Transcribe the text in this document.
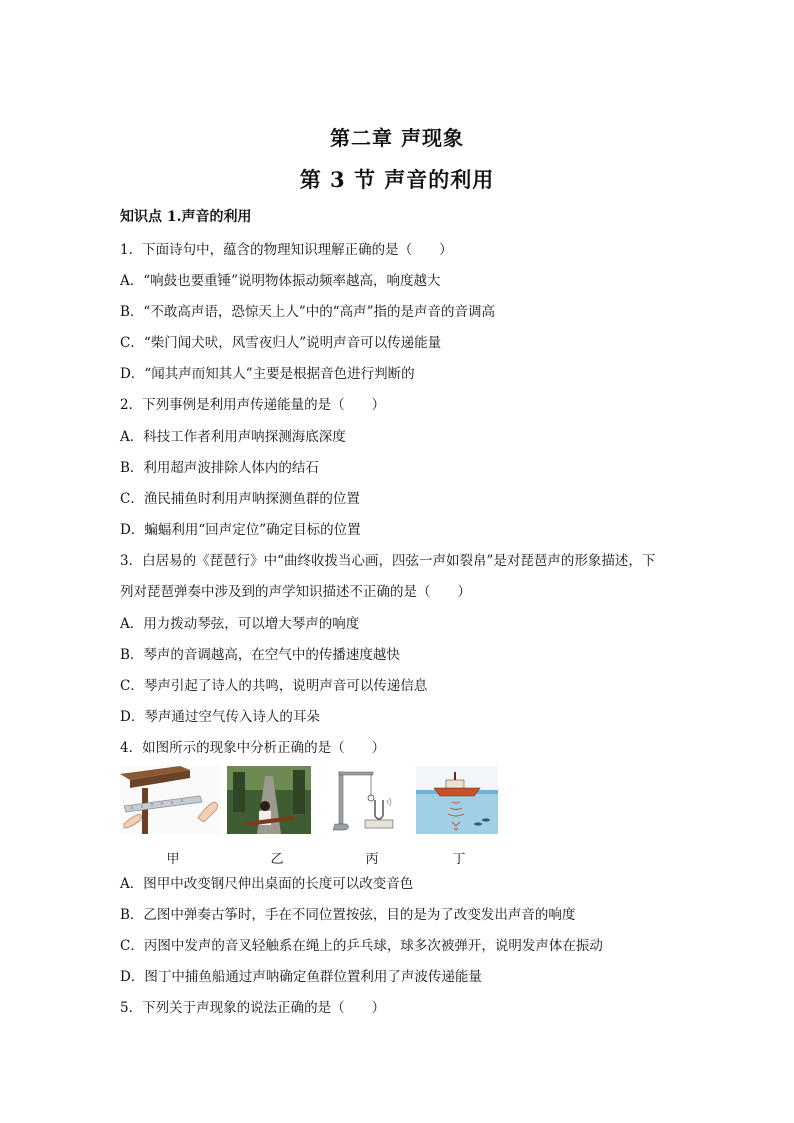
第二章 声现象
第 3 节 声音的利用
知识点 1.声音的利用
1．下面诗句中，蕴含的物理知识理解正确的是（　　）
A．“响鼓也要重锤”说明物体振动频率越高，响度越大
B．“不敢高声语，恐惊天上人”中的“高声”指的是声音的音调高
C．“柴门闻犬吠，风雪夜归人”说明声音可以传递能量
D．“闻其声而知其人”主要是根据音色进行判断的
2．下列事例是利用声传递能量的是（　　）
A．科技工作者利用声呐探测海底深度
B．利用超声波排除人体内的结石
C．渔民捕鱼时利用声呐探测鱼群的位置
D．蝙蝠利用“回声定位”确定目标的位置
3．白居易的《琵琶行》中“曲终收拨当心画，四弦一声如裂帛”是对琵琶声的形象描述，下
列对琵琶弹奏中涉及到的声学知识描述不正确的是（　　）
A．用力拨动琴弦，可以增大琴声的响度
B．琴声的音调越高，在空气中的传播速度越快
C．琴声引起了诗人的共鸣，说明声音可以传递信息
D．琴声通过空气传入诗人的耳朵
4．如图所示的现象中分析正确的是（　　）
甲	乙	丙	丁
A．图甲中改变钢尺伸出桌面的长度可以改变音色
B．乙图中弹奏古筝时，手在不同位置按弦，目的是为了改变发出声音的响度
C．丙图中发声的音叉轻触系在绳上的乒乓球，球多次被弹开，说明发声体在振动
D．图丁中捕鱼船通过声呐确定鱼群位置利用了声波传递能量
5．下列关于声现象的说法正确的是（　　）
